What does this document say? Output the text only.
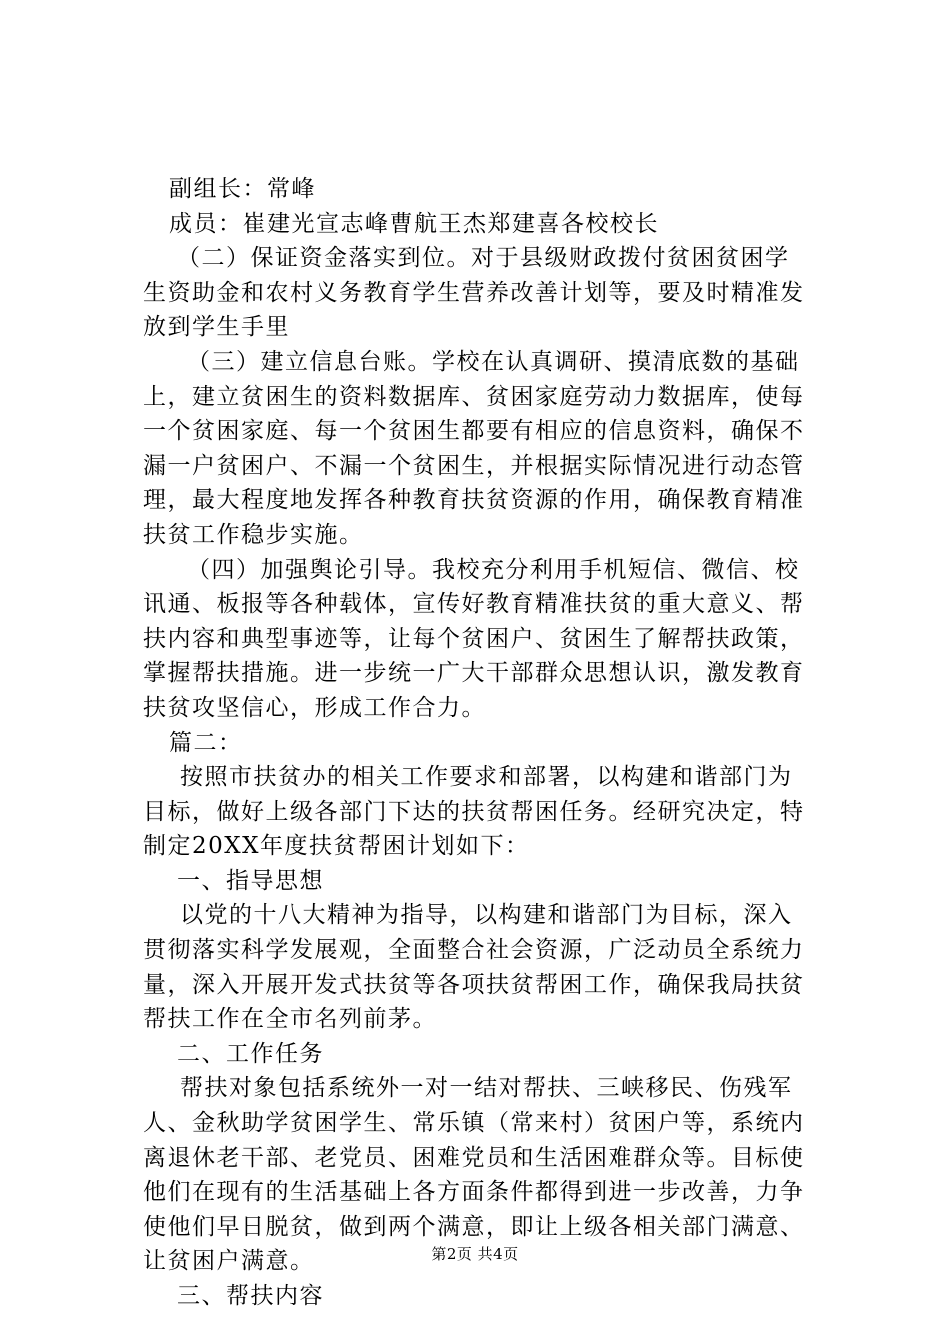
副组长：常峰
成员：崔建光宣志峰曹航王杰郑建喜各校校长
（二）保证资金落实到位。对于县级财政拨付贫困贫困学
生资助金和农村义务教育学生营养改善计划等，要及时精准发
放到学生手里
（三）建立信息台账。学校在认真调研、摸清底数的基础
上，建立贫困生的资料数据库、贫困家庭劳动力数据库，使每
一个贫困家庭、每一个贫困生都要有相应的信息资料，确保不
漏一户贫困户、不漏一个贫困生，并根据实际情况进行动态管
理，最大程度地发挥各种教育扶贫资源的作用，确保教育精准
扶贫工作稳步实施。
（四）加强舆论引导。我校充分利用手机短信、微信、校
讯通、板报等各种载体，宣传好教育精准扶贫的重大意义、帮
扶内容和典型事迹等，让每个贫困户、贫困生了解帮扶政策，
掌握帮扶措施。进一步统一广大干部群众思想认识，激发教育
扶贫攻坚信心，形成工作合力。
篇二：
按照市扶贫办的相关工作要求和部署，以构建和谐部门为
目标，做好上级各部门下达的扶贫帮困任务。经研究决定，特
制定20XX年度扶贫帮困计划如下：
一、指导思想
以党的十八大精神为指导，以构建和谐部门为目标，深入
贯彻落实科学发展观，全面整合社会资源，广泛动员全系统力
量，深入开展开发式扶贫等各项扶贫帮困工作，确保我局扶贫
帮扶工作在全市名列前茅。
二、工作任务
帮扶对象包括系统外一对一结对帮扶、三峡移民、伤残军
人、金秋助学贫困学生、常乐镇（常来村）贫困户等，系统内
离退休老干部、老党员、困难党员和生活困难群众等。目标使
他们在现有的生活基础上各方面条件都得到进一步改善，力争
使他们早日脱贫，做到两个满意，即让上级各相关部门满意、
让贫困户满意。
三、帮扶内容
第2页 共4页
